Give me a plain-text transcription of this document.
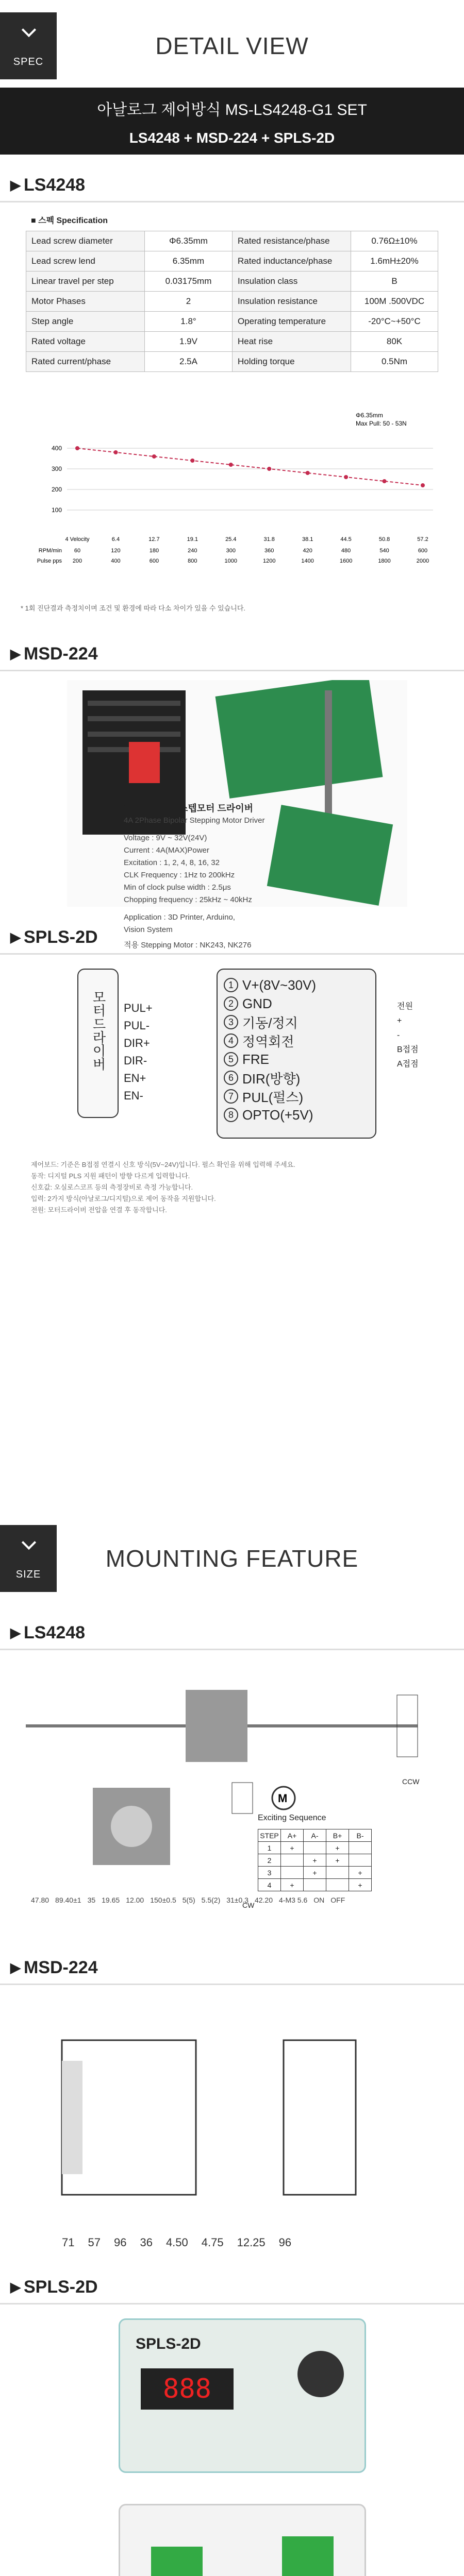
SPEC
DETAIL VIEW
아날로그 제어방식 MS-LS4248-G1 SET
LS4248 + MSD-224 + SPLS-2D
▶ LS4248
■ 스펙 Specification
Lead screw diameter	Φ6.35mm	Rated resistance/phase	0.76Ω±10%
Lead screw lend	6.35mm	Rated inductance/phase	1.6mH±20%
Linear travel per step	0.03175mm	Insulation class	B
Motor Phases	2	Insulation resistance	100M .500VDC
Step angle	1.8°	Operating temperature	-20°C~+50°C
Rated voltage	1.9V	Heat rise	80K
Rated current/phase	2.5A	Holding torque	0.5Nm
400
300
200
100
4 Velocity	6.4	12.7	19.1	25.4	31.8	38.1	44.5	50.8	57.2
RPM/min 60	120	180	240	300	360	420	480	540	600
Pulse pps 200	400	600	800	1000	1200	1400	1600	1800	2000
Φ6.35mm
Max Pull: 50 - 53N
* 1회 진단결과 측정치이며 조건 및 환경에 따라 다소 차이가 있을 수 있습니다.
▶ MSD-224
2상 바이폴라 스텝모터 드라이버
4A 2Phase Bipolar Stepping Motor Driver
Voltage : 9V ~ 32V(24V)
Current : 4A(MAX)Power
Excitation : 1, 2, 4, 8, 16, 32
CLK Frequency : 1Hz to 200kHz
Min of clock pulse width : 2.5μs
Chopping frequency : 25kHz ~ 40kHz
Application : 3D Printer, Arduino,
Vision System
적용 Stepping Motor : NK243, NK276
▶ SPLS-2D
모터드라이버 PUL+
PUL-
DIR+
DIR-
EN+
EN-
1 V+(8V~30V)
2 GND
3 기동/정지
4 정역회전
5 FRE
6 DIR(방향)
7 PUL(펄스)
8 OPTO(+5V)
전원
+
-
B접점
A접점
제어보드: 기준은 B접점 연결시 신호 방식(5V~24V)입니다. 펄스 확인을 위해 입력해 주세요.
동작: 디지털 PLS 지원 패턴이 방향 다르게 입력합니다.
신호값: 오실로스코프 등의 측정장비로 측정 가능합니다.
입력: 2가지 방식(아날로그/디지털)으로 제어 동작을 지원합니다.
전원: 모터드라이버 전압을 연결 후 동작합니다.
SIZE
MOUNTING FEATURE
▶ LS4248
M
47.80 89.40±1 35 19.65 12.00 150±0.5 5(5) 5.5(2) 31±0.3 42.20 4-M3 5.6 ON OFF
Exciting Sequence
STEP	A+	A-	B+	B-
1	+		+	
2		+	+	
3		+		+
4	+			+
CW
CCW
▶ MSD-224
71 57 96 36 4.50 4.75 12.25 96
▶ SPLS-2D
SPLS-2D
888
